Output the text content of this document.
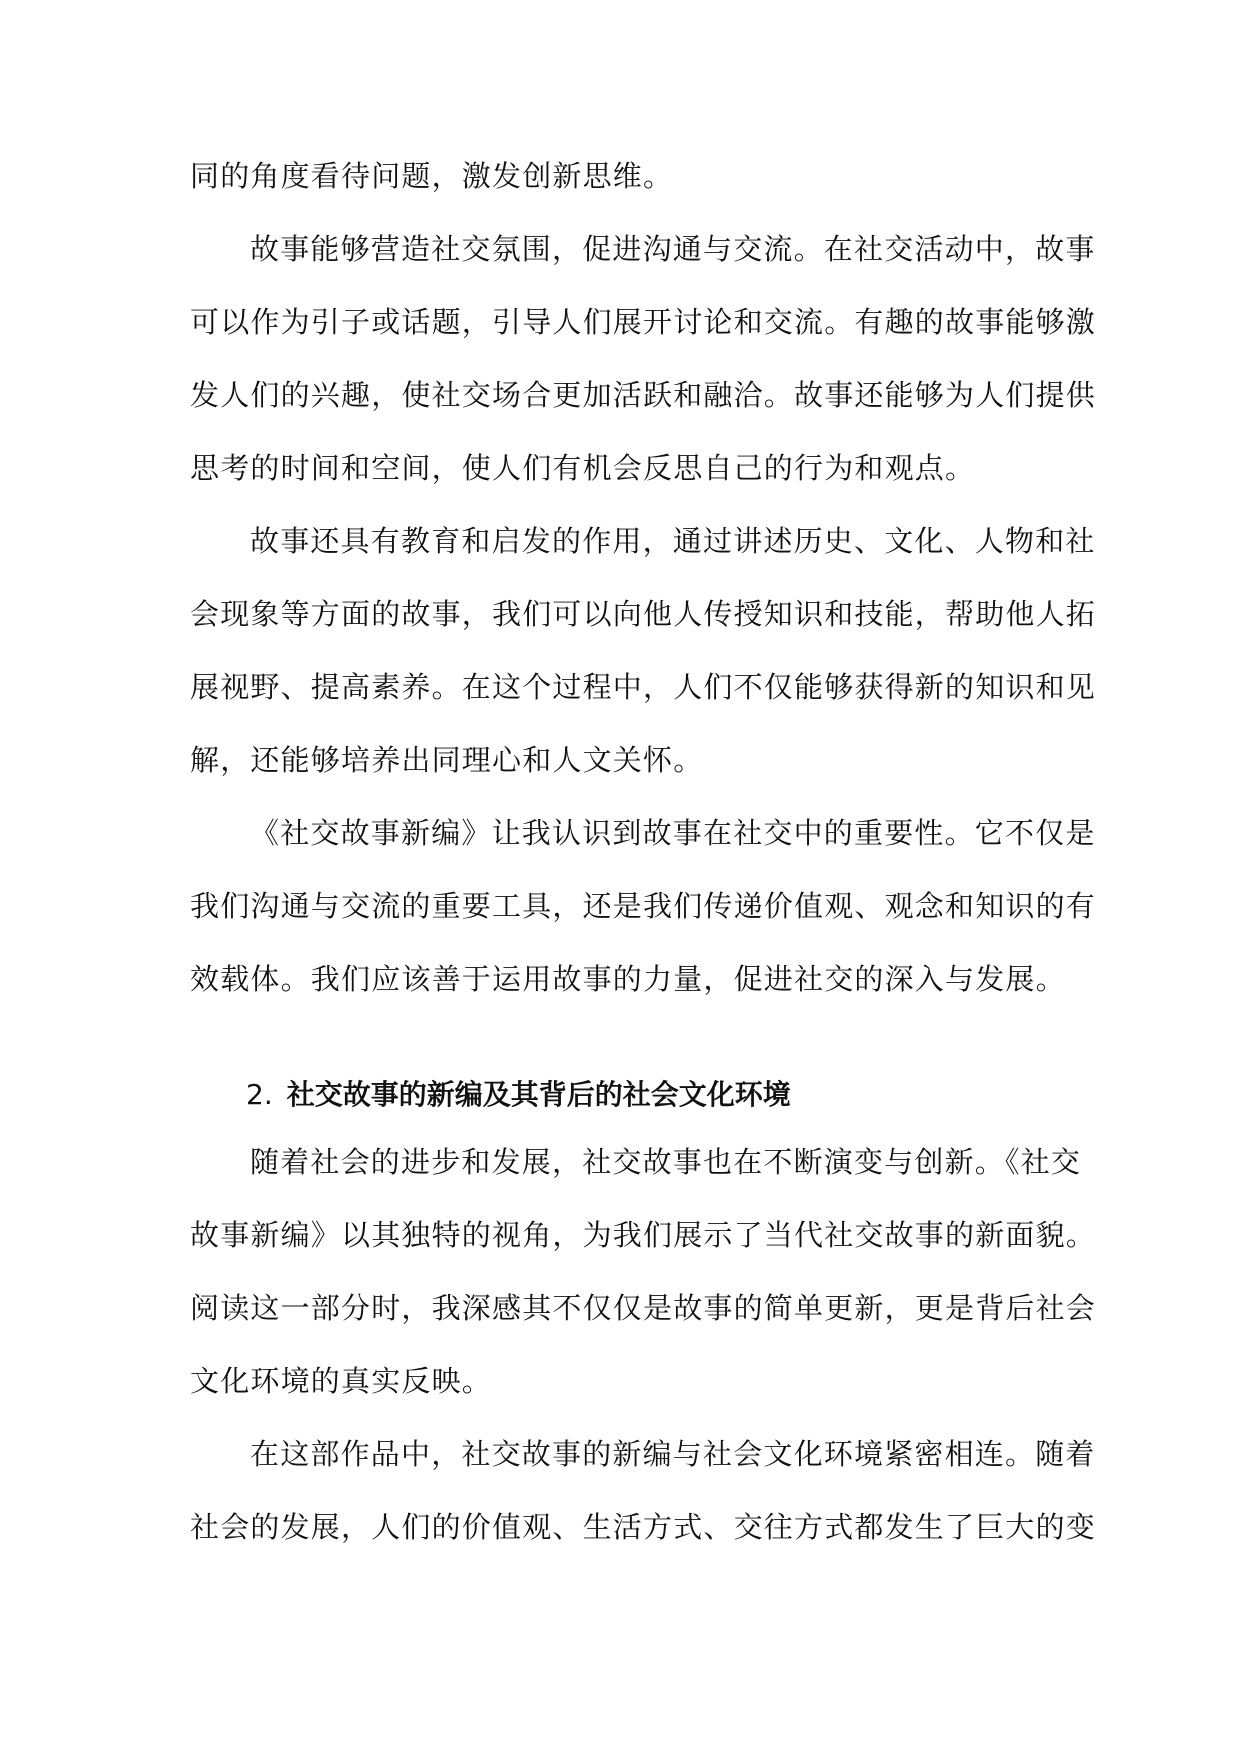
同的角度看待问题，激发创新思维。

故事能够营造社交氛围，促进沟通与交流。在社交活动中，故事
可以作为引子或话题，引导人们展开讨论和交流。有趣的故事能够激
发人们的兴趣，使社交场合更加活跃和融洽。故事还能够为人们提供
思考的时间和空间，使人们有机会反思自己的行为和观点。

故事还具有教育和启发的作用，通过讲述历史、文化、人物和社
会现象等方面的故事，我们可以向他人传授知识和技能，帮助他人拓
展视野、提高素养。在这个过程中，人们不仅能够获得新的知识和见
解，还能够培养出同理心和人文关怀。

《社交故事新编》让我认识到故事在社交中的重要性。它不仅是
我们沟通与交流的重要工具，还是我们传递价值观、观念和知识的有
效载体。我们应该善于运用故事的力量，促进社交的深入与发展。

2. 社交故事的新编及其背后的社会文化环境

随着社会的进步和发展，社交故事也在不断演变与创新。《社交
故事新编》以其独特的视角，为我们展示了当代社交故事的新面貌。
阅读这一部分时，我深感其不仅仅是故事的简单更新，更是背后社会
文化环境的真实反映。

在这部作品中，社交故事的新编与社会文化环境紧密相连。随着
社会的发展，人们的价值观、生活方式、交往方式都发生了巨大的变
